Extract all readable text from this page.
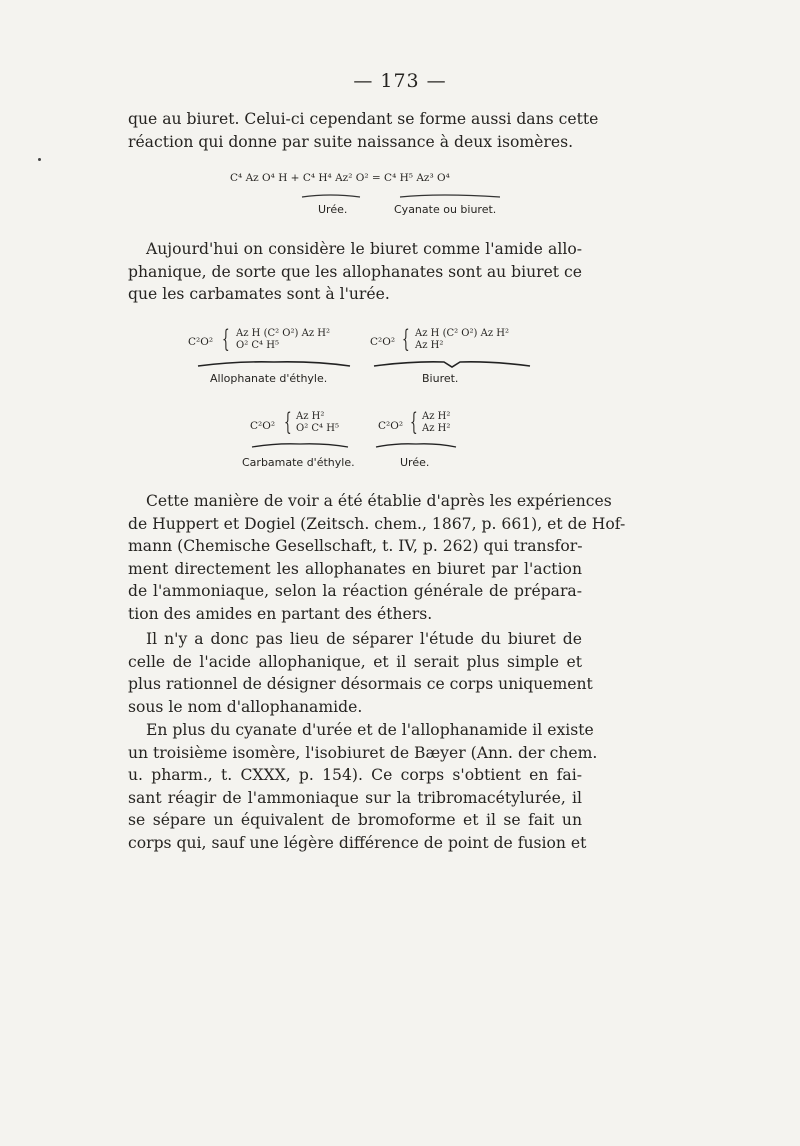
— 173 —
que au biuret. Celui-ci cependant se forme aussi dans cette
réaction qui donne par suite naissance à deux isomères.
C⁴ Az O⁴ H + C⁴ H⁴ Az² O² = C⁴ H⁵ Az³ O⁴
Urée.	Cyanate ou biuret.
Aujourd'hui on considère le biuret comme l'amide allo-
phanique, de sorte que les allophanates sont au biuret ce
que les carbamates sont à l'urée.
C²O² { Az H (C² O²) Az H²
O² C⁴ H⁵
Allophanate d'éthyle.
C²O² { Az H (C² O²) Az H²
Az H²
Biuret.
C²O² { Az H²
O² C⁴ H⁵
Carbamate d'éthyle.
C²O² { Az H²
Az H²
Urée.
Cette manière de voir a été établie d'après les expériences
de Huppert et Dogiel (Zeitsch. chem., 1867, p. 661), et de Hof-
mann (Chemische Gesellschaft, t. IV, p. 262) qui transfor-
ment directement les allophanates en biuret par l'action
de l'ammoniaque, selon la réaction générale de prépara-
tion des amides en partant des éthers.
Il n'y a donc pas lieu de séparer l'étude du biuret de
celle de l'acide allophanique, et il serait plus simple et
plus rationnel de désigner désormais ce corps uniquement
sous le nom d'allophanamide.
En plus du cyanate d'urée et de l'allophanamide il existe
un troisième isomère, l'isobiuret de Bæyer (Ann. der chem.
u. pharm., t. CXXX, p. 154). Ce corps s'obtient en fai-
sant réagir de l'ammoniaque sur la tribromacétylurée, il
se sépare un équivalent de bromoforme et il se fait un
corps qui, sauf une légère différence de point de fusion et
